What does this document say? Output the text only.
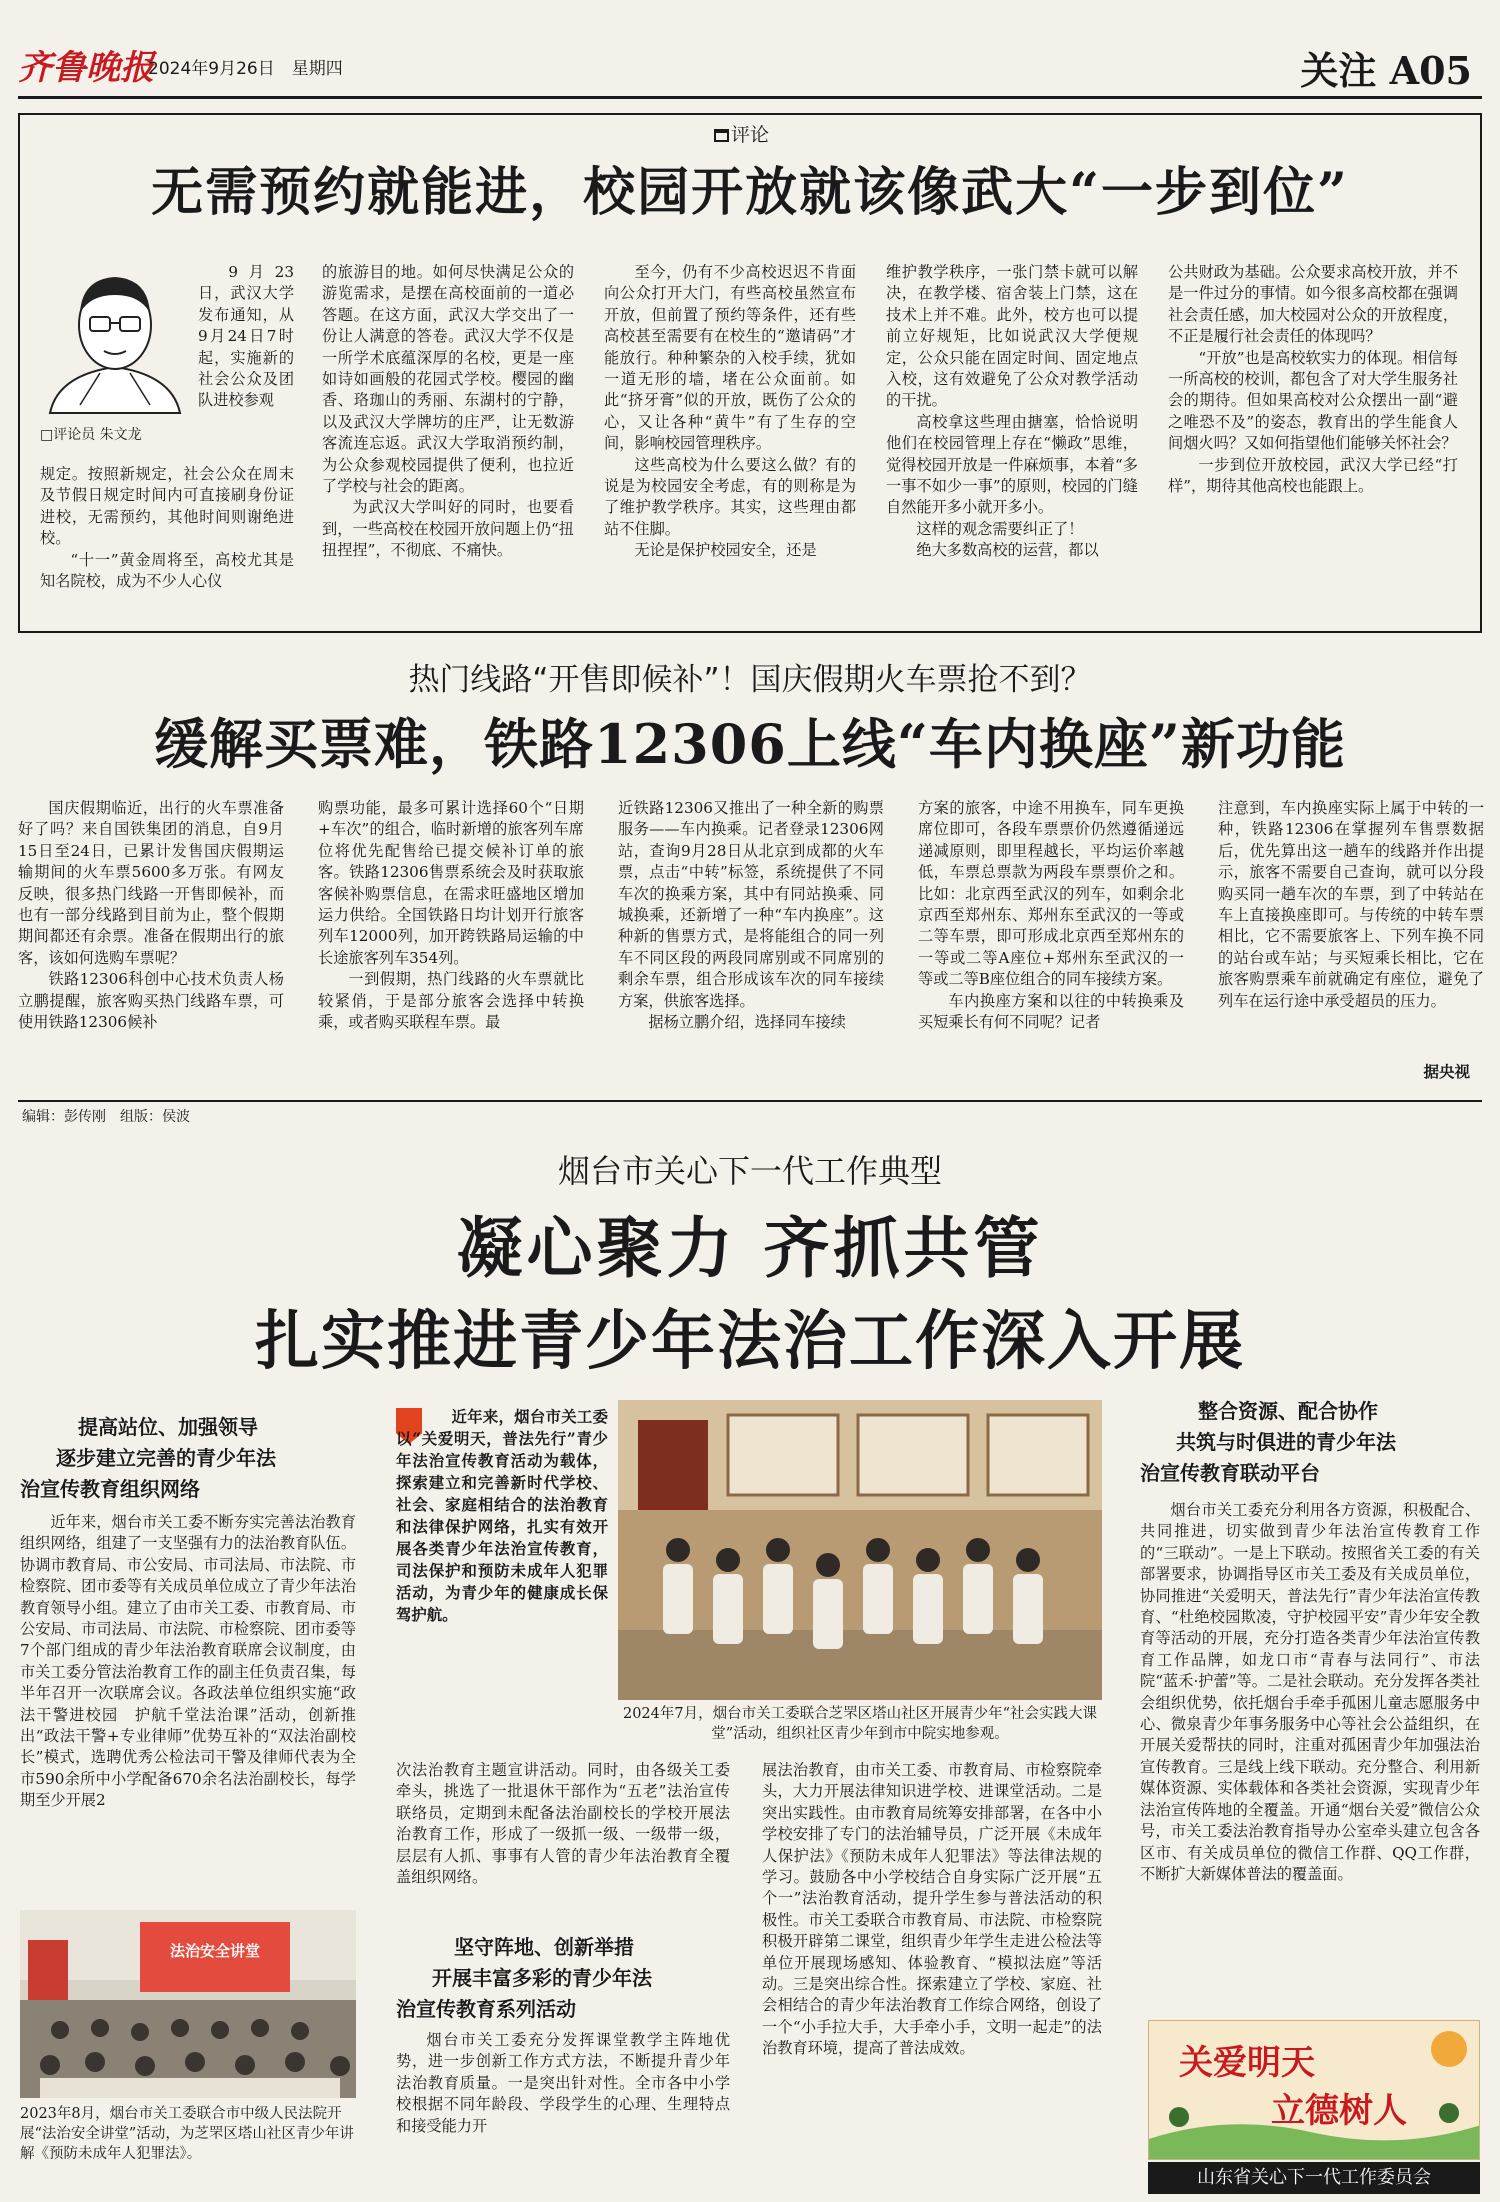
齐鲁晚报
2024年9月26日　 星期四	关注 A05
评论
无需预约就能进，校园开放就该像武大“一步到位”
□评论员 朱文龙

9月23日，武汉大学发布通知，从9月24日7时起，实施新的社会公众及团队进校参观

规定。按照新规定，社会公众在周末及节假日规定时间内可直接刷身份证进校，无需预约，其他时间则谢绝进校。

“十一”黄金周将至，高校尤其是知名院校，成为不少人心仪

的旅游目的地。如何尽快满足公众的游览需求，是摆在高校面前的一道必答题。在这方面，武汉大学交出了一份让人满意的答卷。武汉大学不仅是一所学术底蕴深厚的名校，更是一座如诗如画般的花园式学校。樱园的幽香、珞珈山的秀丽、东湖村的宁静，以及武汉大学牌坊的庄严，让无数游客流连忘返。武汉大学取消预约制，为公众参观校园提供了便利，也拉近了学校与社会的距离。

为武汉大学叫好的同时，也要看到，一些高校在校园开放问题上仍“扭扭捏捏”，不彻底、不痛快。

至今，仍有不少高校迟迟不肯面向公众打开大门，有些高校虽然宣布开放，但前置了预约等条件，还有些高校甚至需要有在校生的“邀请码”才能放行。种种繁杂的入校手续，犹如一道无形的墙，堵在公众面前。如此“挤牙膏”似的开放，既伤了公众的心，又让各种“黄牛”有了生存的空间，影响校园管理秩序。

这些高校为什么要这么做？有的说是为校园安全考虑，有的则称是为了维护教学秩序。其实，这些理由都站不住脚。

无论是保护校园安全，还是

维护教学秩序，一张门禁卡就可以解决，在教学楼、宿舍装上门禁，这在技术上并不难。此外，校方也可以提前立好规矩，比如说武汉大学便规定，公众只能在固定时间、固定地点入校，这有效避免了公众对教学活动的干扰。

高校拿这些理由搪塞，恰恰说明他们在校园管理上存在“懒政”思维，觉得校园开放是一件麻烦事，本着“多一事不如少一事”的原则，校园的门缝自然能开多小就开多小。

这样的观念需要纠正了！

绝大多数高校的运营，都以

公共财政为基础。公众要求高校开放，并不是一件过分的事情。如今很多高校都在强调社会责任感，加大校园对公众的开放程度，不正是履行社会责任的体现吗？

“开放”也是高校软实力的体现。相信每一所高校的校训，都包含了对大学生服务社会的期待。但如果高校对公众摆出一副“避之唯恐不及”的姿态，教育出的学生能食人间烟火吗？又如何指望他们能够关怀社会？

一步到位开放校园，武汉大学已经“打样”，期待其他高校也能跟上。

热门线路“开售即候补”！国庆假期火车票抢不到？
缓解买票难，铁路12306上线“车内换座”新功能

国庆假期临近，出行的火车票准备好了吗？来自国铁集团的消息，自9月15日至24日，已累计发售国庆假期运输期间的火车票5600多万张。有网友反映，很多热门线路一开售即候补，而也有一部分线路到目前为止，整个假期期间都还有余票。准备在假期出行的旅客，该如何选购车票呢？

铁路12306科创中心技术负责人杨立鹏提醒，旅客购买热门线路车票，可使用铁路12306候补

购票功能，最多可累计选择60个“日期+车次”的组合，临时新增的旅客列车席位将优先配售给已提交候补订单的旅客。铁路12306售票系统会及时获取旅客候补购票信息，在需求旺盛地区增加运力供给。全国铁路日均计划开行旅客列车12000列，加开跨铁路局运输的中长途旅客列车354列。

一到假期，热门线路的火车票就比较紧俏，于是部分旅客会选择中转换乘，或者购买联程车票。最

近铁路12306又推出了一种全新的购票服务——车内换乘。记者登录12306网站，查询9月28日从北京到成都的火车票，点击“中转”标签，系统提供了不同车次的换乘方案，其中有同站换乘、同城换乘，还新增了一种“车内换座”。这种新的售票方式，是将能组合的同一列车不同区段的两段同席别或不同席别的剩余车票，组合形成该车次的同车接续方案，供旅客选择。

据杨立鹏介绍，选择同车接续

方案的旅客，中途不用换车，同车更换席位即可，各段车票票价仍然遵循递远递减原则，即里程越长，平均运价率越低，车票总票款为两段车票票价之和。比如：北京西至武汉的列车，如剩余北京西至郑州东、郑州东至武汉的一等或二等车票，即可形成北京西至郑州东的一等或二等A座位+郑州东至武汉的一等或二等B座位组合的同车接续方案。

车内换座方案和以往的中转换乘及买短乘长有何不同呢？记者

注意到，车内换座实际上属于中转的一种，铁路12306在掌握列车售票数据后，优先算出这一趟车的线路并作出提示，旅客不需要自己查询，就可以分段购买同一趟车次的车票，到了中转站在车上直接换座即可。与传统的中转车票相比，它不需要旅客上、下列车换不同的站台或车站；与买短乘长相比，它在旅客购票乘车前就确定有座位，避免了列车在运行途中承受超员的压力。

据央视
编辑：彭传刚　组版：侯波
烟台市关心下一代工作典型
凝心聚力 齐抓共管
扎实推进青少年法治工作深入开展
提高站位、加强领导
逐步建立完善的青少年法
治宣传教育组织网络

近年来，烟台市关工委不断夯实完善法治教育组织网络，组建了一支坚强有力的法治教育队伍。协调市教育局、市公安局、市司法局、市法院、市检察院、团市委等有关成员单位成立了青少年法治教育领导小组。建立了由市关工委、市教育局、市公安局、市司法局、市法院、市检察院、团市委等7个部门组成的青少年法治教育联席会议制度，由市关工委分管法治教育工作的副主任负责召集，每半年召开一次联席会议。各政法单位组织实施“政法干警进校园　护航千堂法治课”活动，创新推出“政法干警+专业律师”优势互补的“双法治副校长”模式，选聘优秀公检法司干警及律师代表为全市590余所中小学配备670余名法治副校长，每学期至少开展2

法治安全讲堂
2023年8月，烟台市关工委联合市中级人民法院开展“法治安全讲堂”活动，为芝罘区塔山社区青少年讲解《预防未成年人犯罪法》。

近年来，烟台市关工委以“关爱明天，普法先行”青少年法治宣传教育活动为载体，探索建立和完善新时代学校、社会、家庭相结合的法治教育和法律保护网络，扎实有效开展各类青少年法治宣传教育，司法保护和预防未成年人犯罪活动，为青少年的健康成长保驾护航。

2024年7月，烟台市关工委联合芝罘区塔山社区开展青少年“社会实践大课堂”活动，组织社区青少年到市中院实地参观。

次法治教育主题宣讲活动。同时，由各级关工委牵头，挑选了一批退休干部作为“五老”法治宣传联络员，定期到未配备法治副校长的学校开展法治教育工作，形成了一级抓一级、一级带一级，层层有人抓、事事有人管的青少年法治教育全覆盖组织网络。

坚守阵地、创新举措
开展丰富多彩的青少年法
治宣传教育系列活动

烟台市关工委充分发挥课堂教学主阵地优势，进一步创新工作方式方法，不断提升青少年法治教育质量。一是突出针对性。全市各中小学校根据不同年龄段、学段学生的心理、生理特点和接受能力开

展法治教育，由市关工委、市教育局、市检察院牵头，大力开展法律知识进学校、进课堂活动。二是突出实践性。由市教育局统筹安排部署，在各中小学校安排了专门的法治辅导员，广泛开展《未成年人保护法》《预防未成年人犯罪法》等法律法规的学习。鼓励各中小学校结合自身实际广泛开展“五个一”法治教育活动，提升学生参与普法活动的积极性。市关工委联合市教育局、市法院、市检察院积极开辟第二课堂，组织青少年学生走进公检法等单位开展现场感知、体验教育、“模拟法庭”等活动。三是突出综合性。探索建立了学校、家庭、社会相结合的青少年法治教育工作综合网络，创设了一个“小手拉大手，大手牵小手，文明一起走”的法治教育环境，提高了普法成效。

整合资源、配合协作
共筑与时俱进的青少年法
治宣传教育联动平台

烟台市关工委充分利用各方资源，积极配合、共同推进，切实做到青少年法治宣传教育工作的“三联动”。一是上下联动。按照省关工委的有关部署要求，协调指导区市关工委及有关成员单位，协同推进“关爱明天，普法先行”青少年法治宣传教育、“杜绝校园欺凌，守护校园平安”青少年安全教育等活动的开展，充分打造各类青少年法治宣传教育工作品牌，如龙口市“青春与法同行”、市法院“蓝禾·护蕾”等。二是社会联动。充分发挥各类社会组织优势，依托烟台手牵手孤困儿童志愿服务中心、微泉青少年事务服务中心等社会公益组织，在开展关爱帮扶的同时，注重对孤困青少年加强法治宣传教育。三是线上线下联动。充分整合、利用新媒体资源、实体载体和各类社会资源，实现青少年法治宣传阵地的全覆盖。开通“烟台关爱”微信公众号，市关工委法治教育指导办公室牵头建立包含各区市、有关成员单位的微信工作群、QQ工作群，不断扩大新媒体普法的覆盖面。

关爱明天
立德树人
山东省关心下一代工作委员会
